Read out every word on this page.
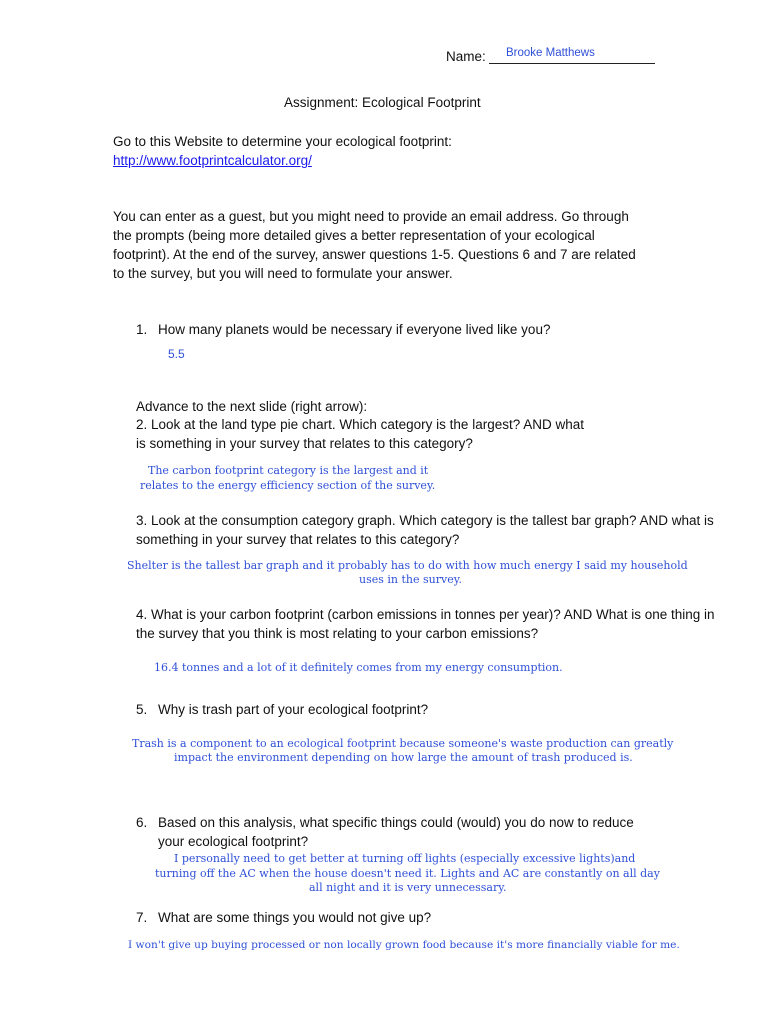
Name: Brooke Matthews
Assignment: Ecological Footprint
Go to this Website to determine your ecological footprint:
http://www.footprintcalculator.org/
You can enter as a guest, but you might need to provide an email address. Go through
the prompts (being more detailed gives a better representation of your ecological
footprint). At the end of the survey, answer questions 1-5. Questions 6 and 7 are related
to the survey, but you will need to formulate your answer.
1. How many planets would be necessary if everyone lived like you?
5.5
Advance to the next slide (right arrow):
2. Look at the land type pie chart. Which category is the largest? AND what
is something in your survey that relates to this category?
The carbon footprint category is the largest and it
relates to the energy efficiency section of the survey.
3. Look at the consumption category graph. Which category is the tallest bar graph? AND what is
something in your survey that relates to this category?
Shelter is the tallest bar graph and it probably has to do with how much energy I said my household
uses in the survey.
4. What is your carbon footprint (carbon emissions in tonnes per year)? AND What is one thing in
the survey that you think is most relating to your carbon emissions?
16.4 tonnes and a lot of it definitely comes from my energy consumption.
5. Why is trash part of your ecological footprint?
Trash is a component to an ecological footprint because someone's waste production can greatly
impact the environment depending on how large the amount of trash produced is.
6. Based on this analysis, what specific things could (would) you do now to reduce
your ecological footprint?
I personally need to get better at turning off lights (especially excessive lights)and
turning off the AC when the house doesn't need it. Lights and AC are constantly on all day
all night and it is very unnecessary.
7. What are some things you would not give up?
I won't give up buying processed or non locally grown food because it's more financially viable for me.
